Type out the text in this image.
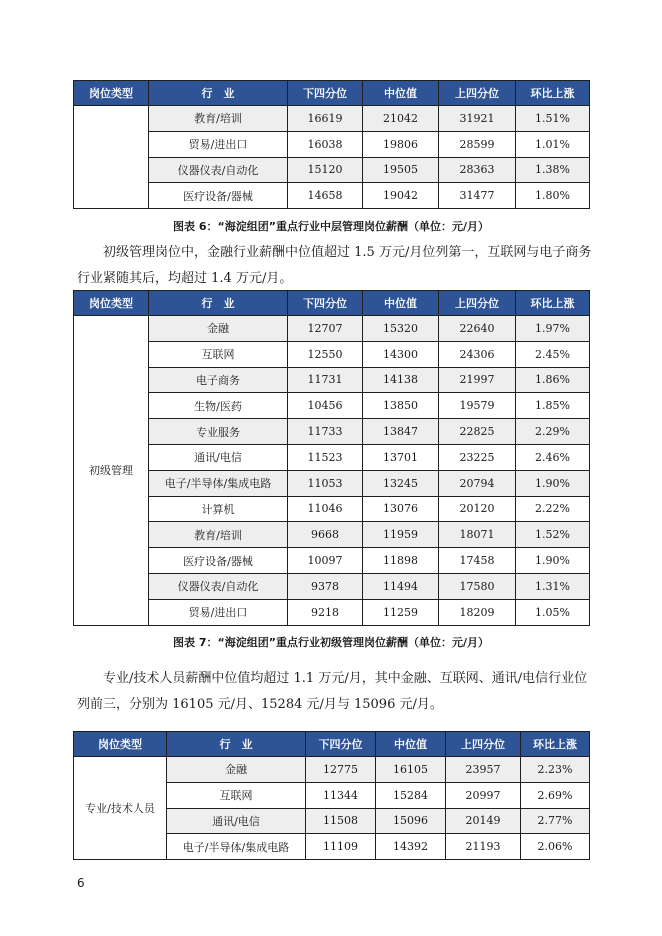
岗位类型	行　业	下四分位	中位值	上四分位	环比上涨
	教育/培训	16619	21042	31921	1.51%
	贸易/进出口	16038	19806	28599	1.01%
	仪器仪表/自动化	15120	19505	28363	1.38%
	医疗设备/器械	14658	19042	31477	1.80%
图表 6：“海淀组团”重点行业中层管理岗位薪酬（单位：元/月）
初级管理岗位中，金融行业薪酬中位值超过 1.5 万元/月位列第一，互联网与电子商务行业紧随其后，均超过 1.4 万元/月。
岗位类型	行　业	下四分位	中位值	上四分位	环比上涨
初级管理	金融	12707	15320	22640	1.97%
	互联网	12550	14300	24306	2.45%
	电子商务	11731	14138	21997	1.86%
	生物/医药	10456	13850	19579	1.85%
	专业服务	11733	13847	22825	2.29%
	通讯/电信	11523	13701	23225	2.46%
	电子/半导体/集成电路	11053	13245	20794	1.90%
	计算机	11046	13076	20120	2.22%
	教育/培训	9668	11959	18071	1.52%
	医疗设备/器械	10097	11898	17458	1.90%
	仪器仪表/自动化	9378	11494	17580	1.31%
	贸易/进出口	9218	11259	18209	1.05%
图表 7：“海淀组团”重点行业初级管理岗位薪酬（单位：元/月）
专业/技术人员薪酬中位值均超过 1.1 万元/月，其中金融、互联网、通讯/电信行业位列前三，分别为 16105 元/月、15284 元/月与 15096 元/月。
岗位类型	行　业	下四分位	中位值	上四分位	环比上涨
专业/技术人员	金融	12775	16105	23957	2.23%
	互联网	11344	15284	20997	2.69%
	通讯/电信	11508	15096	20149	2.77%
	电子/半导体/集成电路	11109	14392	21193	2.06%
6
